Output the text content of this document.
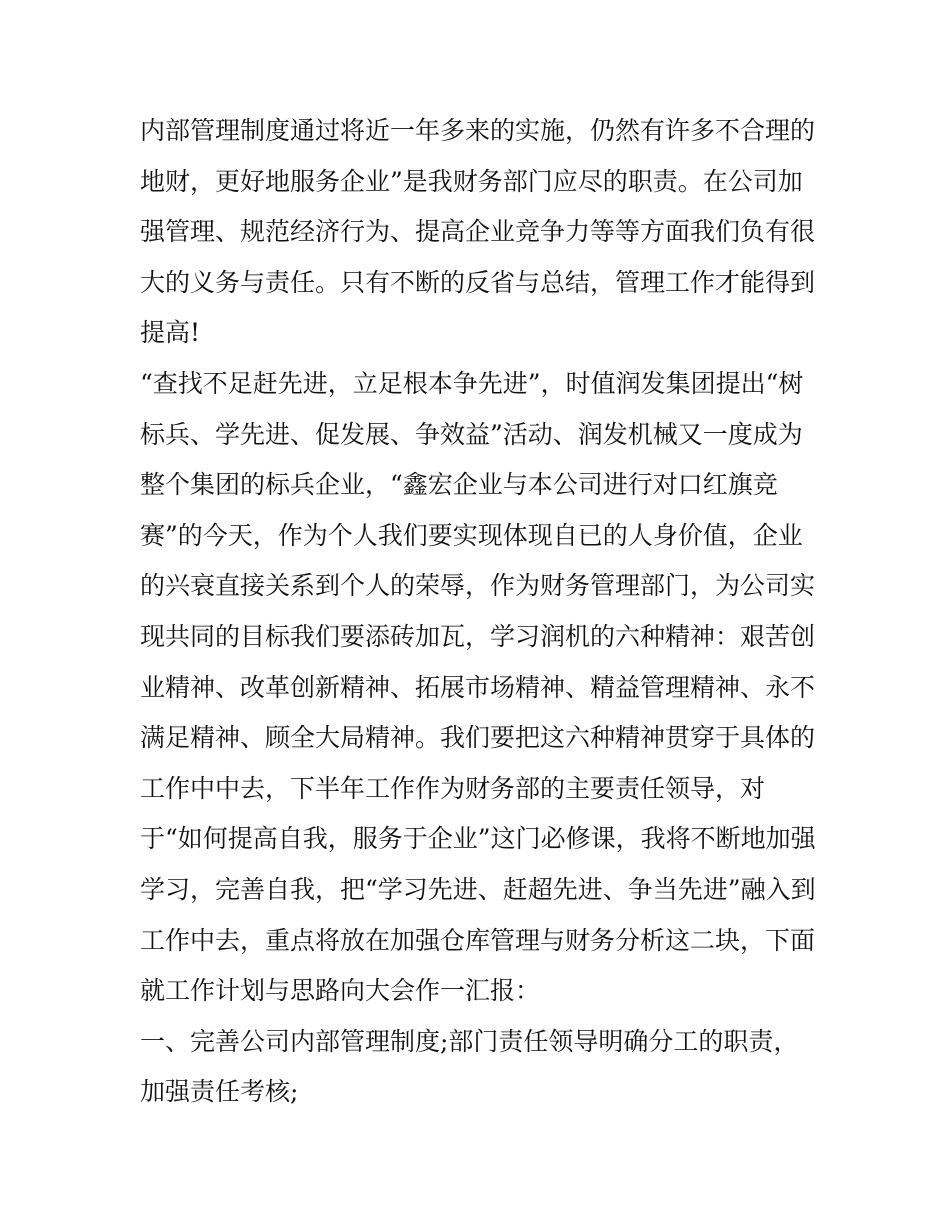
内部管理制度通过将近一年多来的实施，仍然有许多不合理的
地财，更好地服务企业”是我财务部门应尽的职责。在公司加
强管理、规范经济行为、提高企业竞争力等等方面我们负有很
大的义务与责任。只有不断的反省与总结，管理工作才能得到
提高!
“查找不足赶先进，立足根本争先进”，时值润发集团提出“树
标兵、学先进、促发展、争效益”活动、润发机械又一度成为
整个集团的标兵企业，“鑫宏企业与本公司进行对口红旗竞
赛”的今天，作为个人我们要实现体现自已的人身价值，企业
的兴衰直接关系到个人的荣辱，作为财务管理部门，为公司实
现共同的目标我们要添砖加瓦，学习润机的六种精神：艰苦创
业精神、改革创新精神、拓展市场精神、精益管理精神、永不
满足精神、顾全大局精神。我们要把这六种精神贯穿于具体的
工作中中去，下半年工作作为财务部的主要责任领导，对
于“如何提高自我，服务于企业”这门必修课，我将不断地加强
学习，完善自我，把“学习先进、赶超先进、争当先进”融入到
工作中去，重点将放在加强仓库管理与财务分析这二块，下面
就工作计划与思路向大会作一汇报：
一、完善公司内部管理制度;部门责任领导明确分工的职责，
加强责任考核;
